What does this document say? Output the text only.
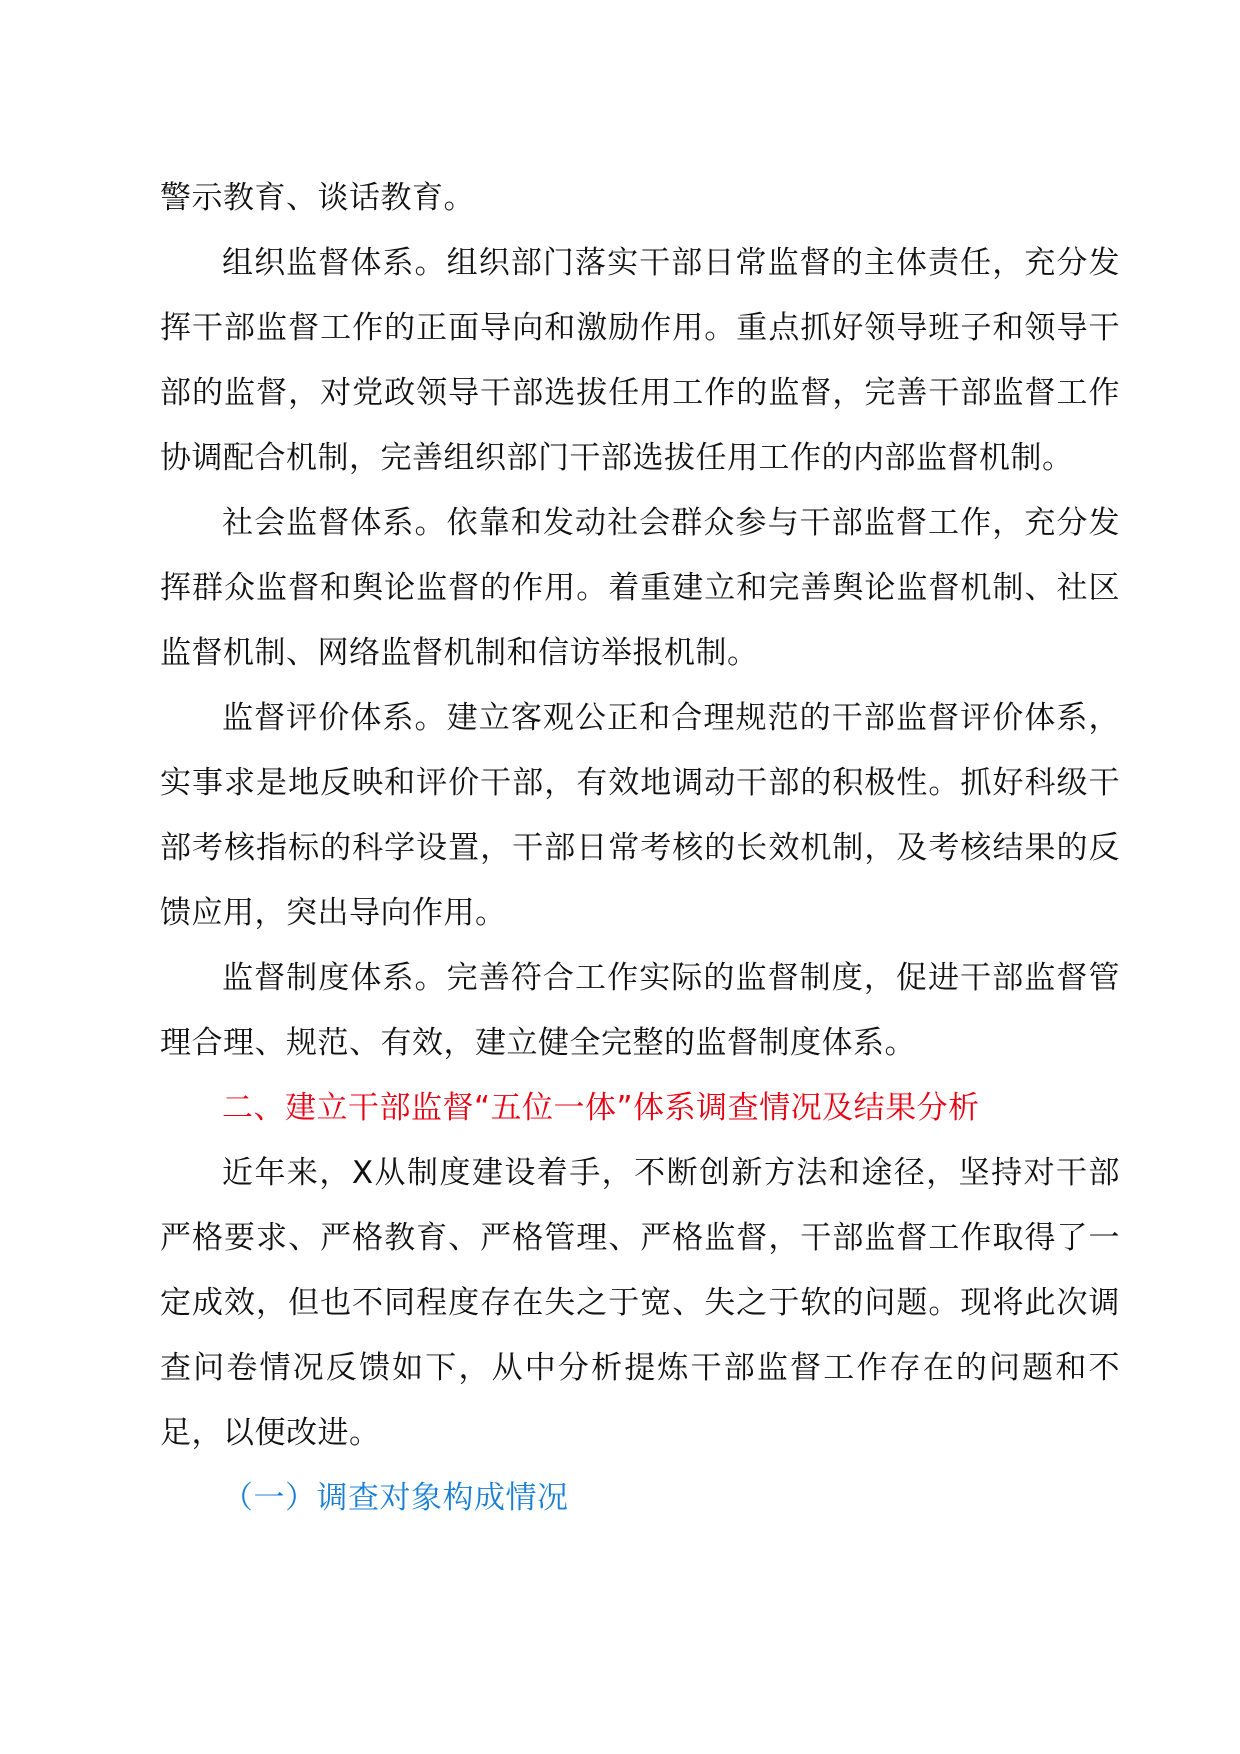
警示教育、谈话教育。

组织监督体系。组织部门落实干部日常监督的主体责任，充分发挥干部监督工作的正面导向和激励作用。重点抓好领导班子和领导干部的监督，对党政领导干部选拔任用工作的监督，完善干部监督工作协调配合机制，完善组织部门干部选拔任用工作的内部监督机制。

社会监督体系。依靠和发动社会群众参与干部监督工作，充分发挥群众监督和舆论监督的作用。着重建立和完善舆论监督机制、社区监督机制、网络监督机制和信访举报机制。

监督评价体系。建立客观公正和合理规范的干部监督评价体系，实事求是地反映和评价干部，有效地调动干部的积极性。抓好科级干部考核指标的科学设置，干部日常考核的长效机制，及考核结果的反馈应用，突出导向作用。

监督制度体系。完善符合工作实际的监督制度，促进干部监督管理合理、规范、有效，建立健全完整的监督制度体系。

二、建立干部监督“五位一体”体系调查情况及结果分析

近年来，X从制度建设着手，不断创新方法和途径，坚持对干部严格要求、严格教育、严格管理、严格监督，干部监督工作取得了一定成效，但也不同程度存在失之于宽、失之于软的问题。现将此次调查问卷情况反馈如下，从中分析提炼干部监督工作存在的问题和不足，以便改进。

（一）调查对象构成情况
